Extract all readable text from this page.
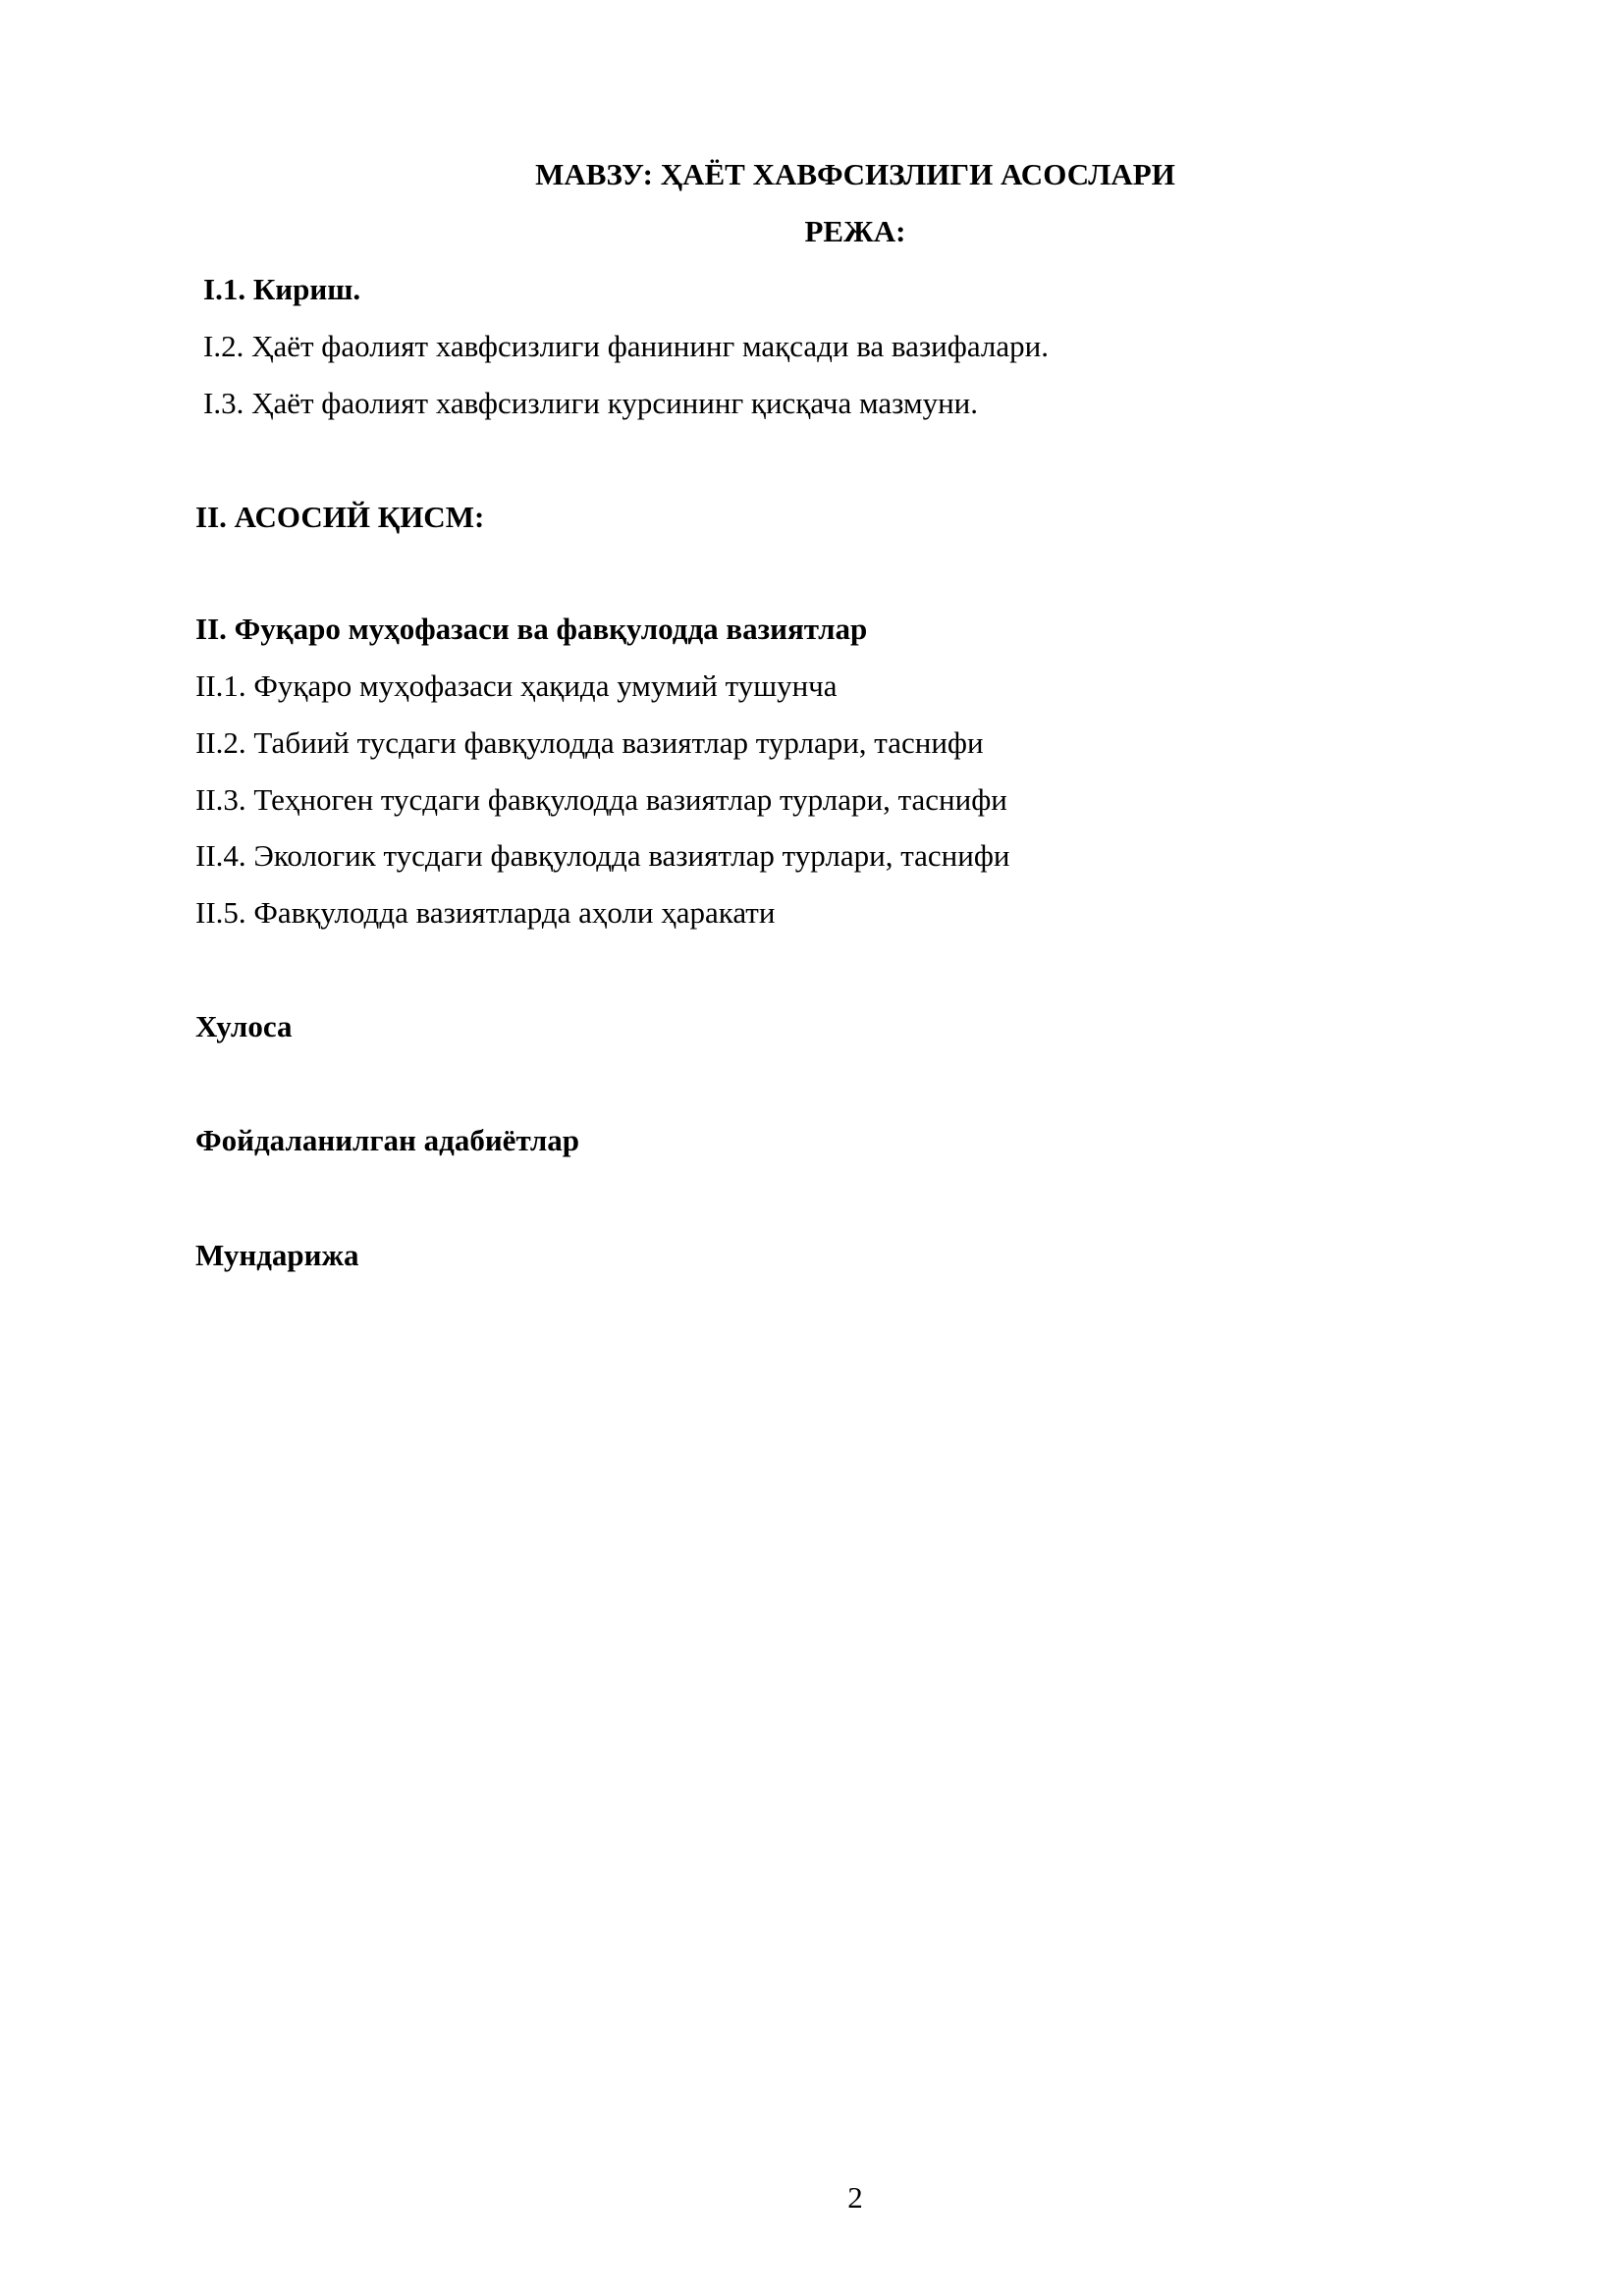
МАВЗУ: ҲАЁТ ХАВФСИЗЛИГИ АСОСЛАРИ
РЕЖА:
I.1. Кириш.
I.2. Ҳаёт фаолият хавфсизлиги фанининг мақсади ва вазифалари.
I.3. Ҳаёт фаолият хавфсизлиги курсининг қисқача мазмуни.
II. АСОСИЙ ҚИСМ:
II. Фуқаро муҳофазаси ва фавқулодда вазиятлар
II.1. Фуқаро муҳофазаси ҳақида умумий тушунча
II.2. Табиий тусдаги фавқулодда вазиятлар турлари, таснифи
II.3. Теҳноген тусдаги фавқулодда вазиятлар турлари, таснифи
II.4. Экологик тусдаги фавқулодда вазиятлар турлари, таснифи
II.5. Фавқулодда вазиятларда аҳоли ҳаракати
Хулоса
Фойдаланилган адабиётлар
Мундарижа
2
